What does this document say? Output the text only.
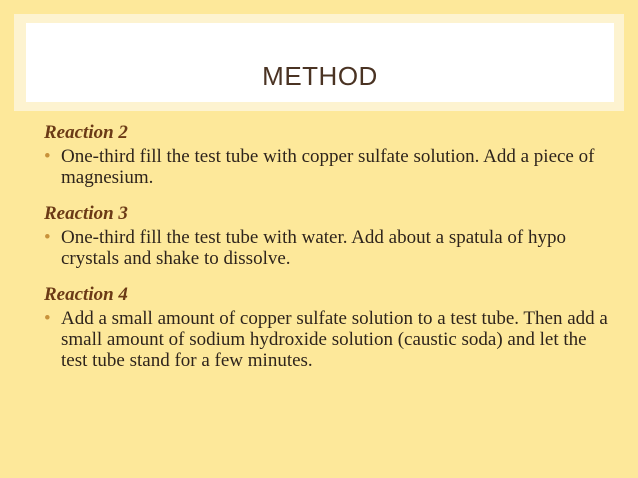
METHOD
Reaction 2
• One-third fill the test tube with copper sulfate solution. Add a piece of magnesium.
Reaction 3
• One-third fill the test tube with water. Add about a spatula of hypo crystals and shake to dissolve.
Reaction 4
• Add a small amount of copper sulfate solution to a test tube. Then add a small amount of sodium hydroxide solution (caustic soda) and let the test tube stand for a few minutes.
